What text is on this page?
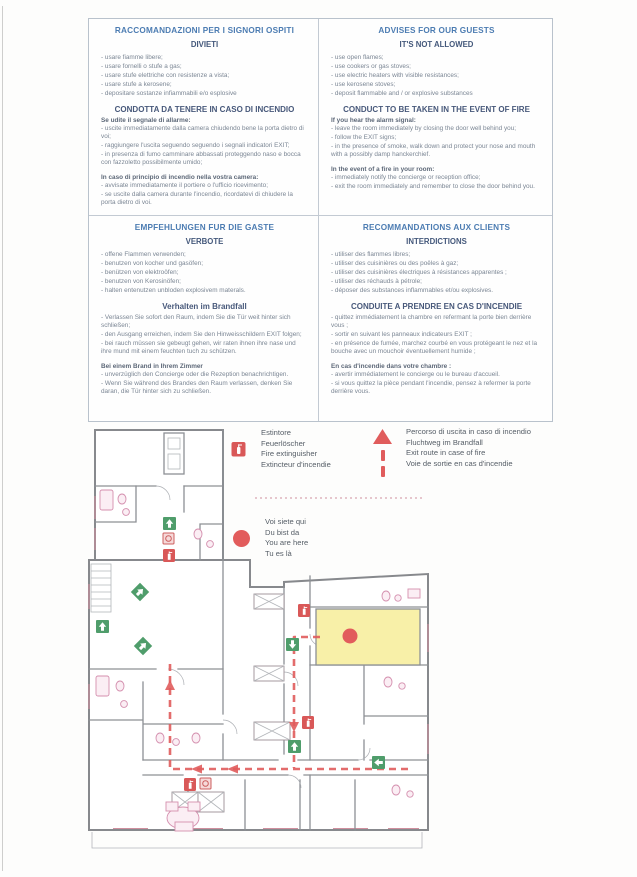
RACCOMANDAZIONI PER I SIGNORI OSPITI
DIVIETI
- usare fiamme libere;
- usare fornelli o stufe a gas;
- usare stufe elettriche con resistenze a vista;
- usare stufe a kerosene;
- depositare sostanze infiammabili e/o esplosive
CONDOTTA DA TENERE IN CASO DI INCENDIO
Se udite il segnale di allarme:
- uscite immediatamente dalla camera chiudendo bene la porta dietro di voi;
- raggiungere l'uscita seguendo seguendo i segnali indicatori EXIT;
- in presenza di fumo camminare abbassati proteggendo naso e bocca con fazzoletto possibilmente umido;
In caso di principio di incendio nella vostra camera:
- avvisate immediatamente il portiere o l'ufficio ricevimento;
- se uscite dalla camera durante l'incendio, ricordatevi di chiudere la porta dietro di voi.
ADVISES FOR OUR GUESTS
IT'S NOT ALLOWED
- use open flames;
- use cookers or gas stoves;
- use electric heaters with visible resistances;
- use kerosene stoves;
- deposit flammable and / or explosive substances
CONDUCT TO BE TAKEN IN THE EVENT OF FIRE
If you hear the alarm signal:
- leave the room immediately by closing the door well behind you;
- follow the EXIT signs;
- in the presence of smoke, walk down and protect your nose and mouth with a possibly damp hanckerchief.
In the event of a fire in your room:
- immediately notify the concierge or reception office;
- exit the room immediately and remember to close the door behind you.
EMPFEHLUNGEN FUR DIE GASTE
VERBOTE
- offene Flammen verwenden;
- benutzen von kocher und gasöfen;
- benützen von elektroöfen;
- benutzen von Kerosinöfen;
- halten entenutzen unbloden explosivem materals.
Verhalten im Brandfall
- Verlassen Sie sofort den Raum, indem Sie die Tür weit hinter sich schließen;
- den Ausgang erreichen, indem Sie den Hinweisschildern EXIT folgen;
- bei rauch müssen sie gebeugt gehen, wir raten ihnen ihre nase und ihre mund mit einem feuchten tuch zu schützen.
Bei einem Brand in Ihrem Zimmer
- unverzüglich den Concierge oder die Rezeption benachrichtigen.
- Wenn Sie während des Brandes den Raum verlassen, denken Sie daran, die Tür hinter sich zu schließen.
RECOMMANDATIONS AUX CLIENTS
INTERDICTIONS
- utiliser des flammes libres;
- utiliser des cuisinières ou des poêles à gaz;
- utiliser des cuisinières électriques à résistances apparentes ;
- utiliser des réchauds à pétrole;
- déposer des substances inflammables et/ou explosives.
CONDUITE A PRENDRE EN CAS D'INCENDIE
- quittez immédiatement la chambre en refermant la porte bien derrière vous ;
- sortir en suivant les panneaux indicateurs EXIT ;
- en présence de fumée, marchez courbé en vous protégeant le nez et la bouche avec un mouchoir éventuellement humide ;
En cas d'incendie dans votre chambre :
- avertir immédiatement le concierge ou le bureau d'accueil.
- si vous quittez la pièce pendant l'incendie, pensez à refermer la porte derrière vous.
Estintore
Feuerlöscher
Fire extinguisher
Extincteur d'incendie
Percorso di uscita in caso di incendio
Fluchtweg im Brandfall
Exit route in case of fire
Voie de sortie en cas d'incendie
Voi siete qui
Du bist da
You are here
Tu es là
